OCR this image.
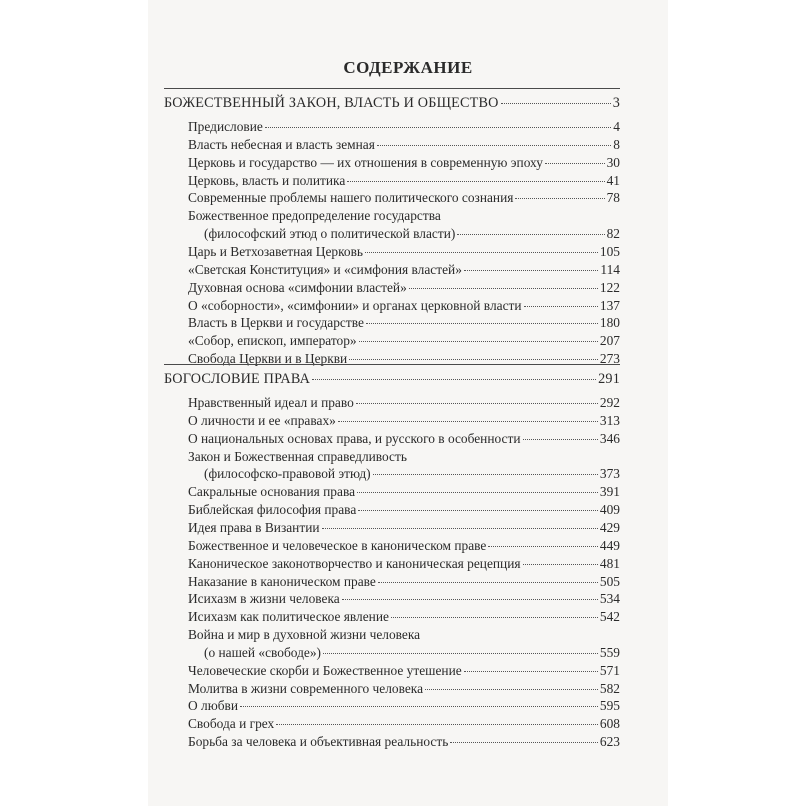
СОДЕРЖАНИЕ
БОЖЕСТВЕННЫЙ ЗАКОН, ВЛАСТЬ И ОБЩЕСТВО	3
Предисловие	4
Власть небесная и власть земная	8
Церковь и государство — их отношения в современную эпоху	30
Церковь, власть и политика	41
Современные проблемы нашего политического сознания	78
Божественное предопределение государства
(философский этюд о политической власти)	82
Царь и Ветхозаветная Церковь	105
«Светская Конституция» и «симфония властей»	114
Духовная основа «симфонии властей»	122
О «соборности», «симфонии» и органах церковной власти	137
Власть в Церкви и государстве	180
«Собор, епископ, император»	207
Свобода Церкви и в Церкви	273
БОГОСЛОВИЕ ПРАВА	291
Нравственный идеал и право	292
О личности и ее «правах»	313
О национальных основах права, и русского в особенности	346
Закон и Божественная справедливость
(философско-правовой этюд)	373
Сакральные основания права	391
Библейская философия права	409
Идея права в Византии	429
Божественное и человеческое в каноническом праве	449
Каноническое законотворчество и каноническая рецепция	481
Наказание в каноническом праве	505
Исихазм в жизни человека	534
Исихазм как политическое явление	542
Война и мир в духовной жизни человека
(о нашей «свободе»)	559
Человеческие скорби и Божественное утешение	571
Молитва в жизни современного человека	582
О любви	595
Свобода и грех	608
Борьба за человека и объективная реальность	623
